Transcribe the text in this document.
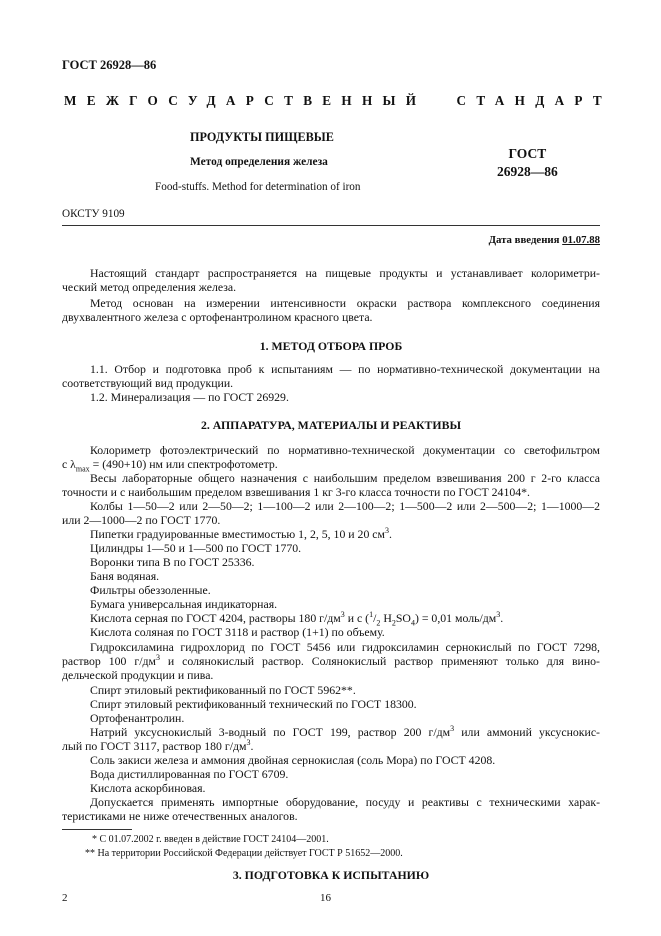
ГОСТ 26928—86
МЕЖГОСУДАРСТВЕННЫЙ СТАНДАРТ
ПРОДУКТЫ ПИЩЕВЫЕ
Метод определения железа
Food-stuffs. Method for determination of iron
ГОСТ
26928—86
ОКСТУ 9109
Дата введения 01.07.88
Настоящий стандарт распространяется на пищевые продукты и устанавливает колориметри-
ческий метод определения железа.
Метод основан на измерении интенсивности окраски раствора комплексного соединения
двухвалентного железа с ортофенантролином красного цвета.
1. МЕТОД ОТБОРА ПРОБ
1.1. Отбор и подготовка проб к испытаниям — по нормативно-технической документации на
соответствующий вид продукции.
1.2. Минерализация — по ГОСТ 26929.
2. АППАРАТУРА, МАТЕРИАЛЫ И РЕАКТИВЫ
Колориметр фотоэлектрический по нормативно-технической документации со светофильтром
с $\lambda_{max} = (490+10)$ нм или спектрофотометр.
Весы лабораторные общего назначения с наибольшим пределом взвешивания 200 г 2-го класса
точности и с наибольшим пределом взвешивания 1 кг 3-го класса точности по ГОСТ 24104*.
Колбы 1—50—2 или 2—50—2; 1—100—2 или 2—100—2; 1—500—2 или 2—500—2; 1—1000—2
или 2—1000—2 по ГОСТ 1770.
Пипетки градуированные вместимостью 1, 2, 5, 10 и 20 $см^3$.
Цилиндры 1—50 и 1—500 по ГОСТ 1770.
Воронки типа В по ГОСТ 25336.
Баня водяная.
Фильтры обеззоленные.
Бумага универсальная индикаторная.
Кислота серная по ГОСТ 4204, растворы 180 $г/дм^3$ и с ($^1/_2$ $H_2SO_4) = 0,01$ моль/$дм^3$.
Кислота соляная по ГОСТ 3118 и раствор (1+1) по объему.
Гидроксиламина гидрохлорид по ГОСТ 5456 или гидроксиламин сернокислый по ГОСТ 7298,
раствор 100 $г/дм^3$ и солянокислый раствор. Солянокислый раствор применяют только для вино-
дельческой продукции и пива.
Спирт этиловый ректификованный по ГОСТ 5962**.
Спирт этиловый ректификованный технический по ГОСТ 18300.
Ортофенантролин.
Натрий уксуснокислый 3-водный по ГОСТ 199, раствор 200 $г/дм^3$ или аммоний уксуснокис-
лый по ГОСТ 3117, раствор 180 $г/дм^3$.
Соль закиси железа и аммония двойная сернокислая (соль Мора) по ГОСТ 4208.
Вода дистиллированная по ГОСТ 6709.
Кислота аскорбиновая.
Допускается применять импортные оборудование, посуду и реактивы с техническими харак-
теристиками не ниже отечественных аналогов.
* С 01.07.2002 г. введен в действие ГОСТ 24104—2001.
** На территории Российской Федерации действует ГОСТ Р 51652—2000.
3. ПОДГОТОВКА К ИСПЫТАНИЮ
2	16
